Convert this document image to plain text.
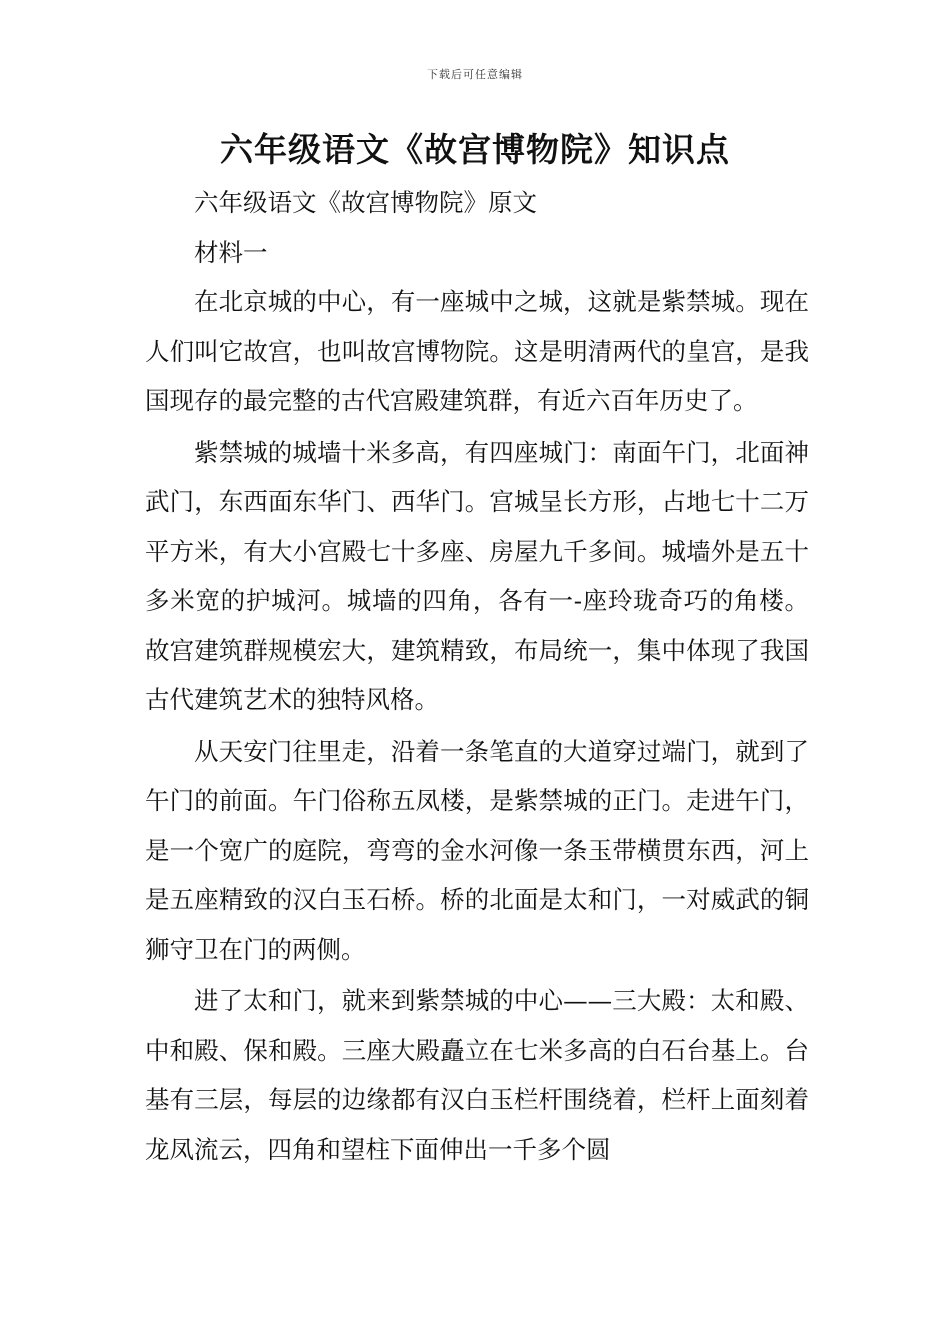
下载后可任意编辑
六年级语文《故宫博物院》知识点

六年级语文《故宫博物院》原文

材料一

在北京城的中心，有一座城中之城，这就是紫禁城。现在人们叫它故宫，也叫故宫博物院。这是明清两代的皇宫，是我国现存的最完整的古代宫殿建筑群，有近六百年历史了。

紫禁城的城墙十米多高，有四座城门：南面午门，北面神武门，东西面东华门、西华门。宫城呈长方形，占地七十二万平方米，有大小宫殿七十多座、房屋九千多间。城墙外是五十多米宽的护城河。城墙的四角，各有一-座玲珑奇巧的角楼。故宫建筑群规模宏大，建筑精致，布局统一，集中体现了我国古代建筑艺术的独特风格。

从天安门往里走，沿着一条笔直的大道穿过端门，就到了午门的前面。午门俗称五凤楼，是紫禁城的正门。走进午门，是一个宽广的庭院，弯弯的金水河像一条玉带横贯东西，河上是五座精致的汉白玉石桥。桥的北面是太和门，一对威武的铜狮守卫在门的两侧。

进了太和门，就来到紫禁城的中心——三大殿：太和殿、中和殿、保和殿。三座大殿矗立在七米多高的白石台基上。台基有三层，每层的边缘都有汉白玉栏杆围绕着，栏杆上面刻着龙凤流云，四角和望柱下面伸出一千多个圆
